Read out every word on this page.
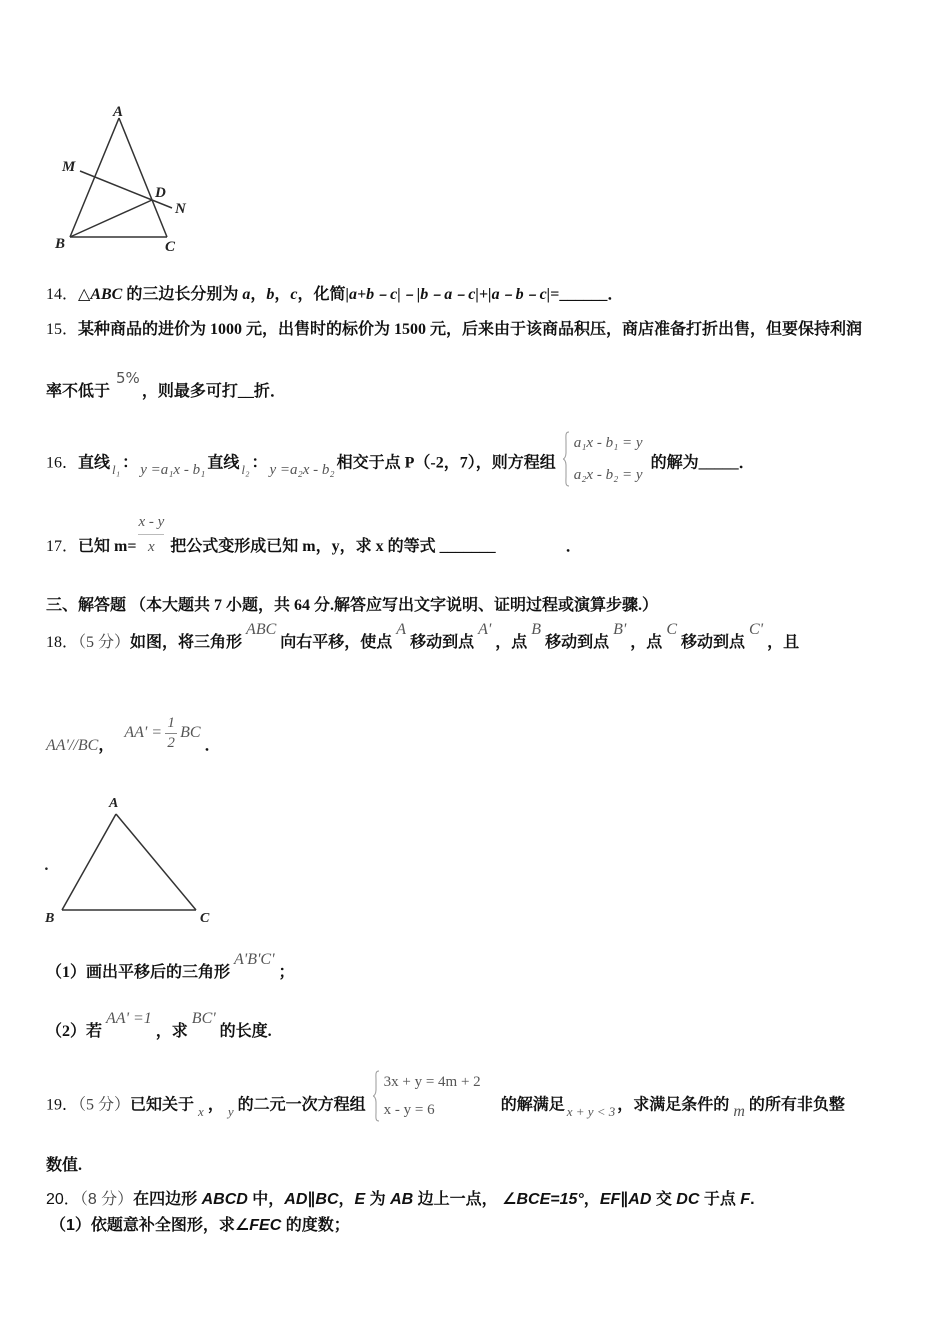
A
M
D
N
B	C
14．△ABC 的三边长分别为 a，b，c，化简|a+b﹣c|﹣|b﹣a﹣c|+|a﹣b﹣c|=______．
15．某种商品的进价为 1000 元，出售时的标价为 1500 元，后来由于该商品积压，商店准备打折出售，但要保持利润
率不低于 5%，则最多可打__折．
16．直线 $_{l_1}$ ： y =a₁x - b₁ 直线 $_{l_2}$ ： y =a₂x - b₂ 相交于点 P（-2，7），则方程组
a₁x - b₁ = y
a₂x - b₂ = y
的解为_____．
17．已知 $m= \frac{x - y}{x}$ 把公式变形成已知 m，y，求 x 的等式 _______	．
三、解答题 （本大题共 7 小题，共 64 分.解答应写出文字说明、证明过程或演算步骤.）
18．（5 分）如图，将三角形ABC向右平移，使点A移动到点A'，点B移动到点B'，点C移动到点C'，且
AA'//BC，$AA' = \frac{1}{2}$ BC．
A
B	C
.
（1）画出平移后的三角形A'B'C'；
（2）若AA' =1，求BC'的长度.
19．（5 分）已知关于 $_x$ ， $_y$ 的二元一次方程组
3x + y = 4m + 2
x - y = 6	的解满足 $_{x + y < 3}$ ，求满足条件的 m 的所有非负整
数值.
20．（8 分）在四边形 ABCD 中，AD∥BC，E 为 AB 边上一点， ∠BCE=15°，EF∥AD 交 DC 于点 F.
（1）依题意补全图形，求∠FEC 的度数；
